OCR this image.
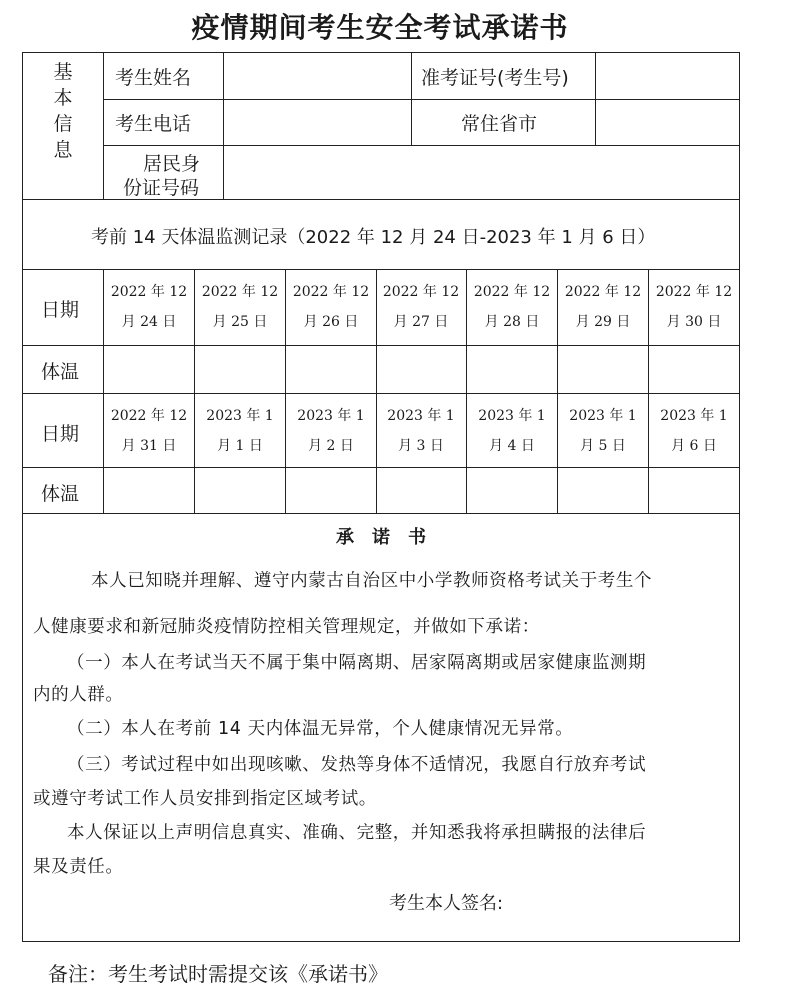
疫情期间考生安全考试承诺书
基
本
信
息
考生姓名	准考证号(考生号)
考生电话	常住省市
居民身
份证号码
考前 14 天体温监测记录（2022 年 12 月 24 日-2023 年 1 月 6 日）
日期
体温
日期
体温
2022 年 12
月 24 日
2022 年 12
月 25 日
2022 年 12
月 26 日
2022 年 12
月 27 日
2022 年 12
月 28 日
2022 年 12
月 29 日
2022 年 12
月 30 日
2022 年 12
月 31 日
2023 年 1
月 1 日
2023 年 1
月 2 日
2023 年 1
月 3 日
2023 年 1
月 4 日
2023 年 1
月 5 日
2023 年 1
月 6 日
承　诺　书
本人已知晓并理解、遵守内蒙古自治区中小学教师资格考试关于考生个
人健康要求和新冠肺炎疫情防控相关管理规定，并做如下承诺：
（一）本人在考试当天不属于集中隔离期、居家隔离期或居家健康监测期
内的人群。
（二）本人在考前 14 天内体温无异常，个人健康情况无异常。
（三）考试过程中如出现咳嗽、发热等身体不适情况，我愿自行放弃考试
或遵守考试工作人员安排到指定区域考试。
本人保证以上声明信息真实、准确、完整，并知悉我将承担瞒报的法律后
果及责任。
考生本人签名:
备注：考生考试时需提交该《承诺书》
